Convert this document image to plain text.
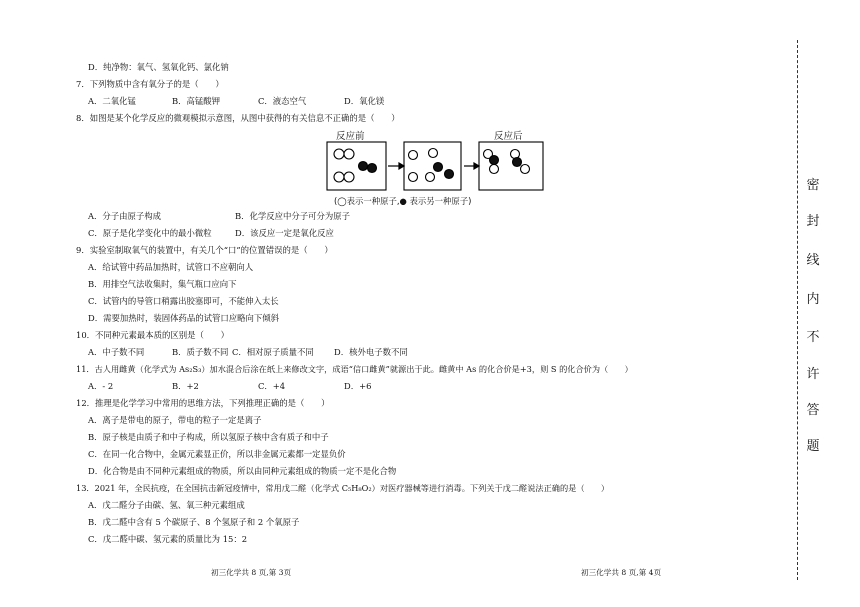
D．纯净物：氧气、氢氧化钙、氯化钠
7．下列物质中含有氧分子的是（　　）
A．二氧化锰	B．高锰酸钾	C．液态空气	D．氧化镁
8．如图是某个化学反应的微观模拟示意图，从图中获得的有关信息不正确的是（　　）
反应前	反应后
(◯表示一种原子,● 表示另一种原子)
A．分子由原子构成	B．化学反应中分子可分为原子
C．原子是化学变化中的最小微粒	D．该反应一定是氧化反应
9．实验室制取氧气的装置中，有关几个“口”的位置错误的是（　　）
A．给试管中药品加热时，试管口不应朝向人
B．用排空气法收集时，集气瓶口应向下
C．试管内的导管口稍露出胶塞即可，不能伸入太长
D．需要加热时，装固体药品的试管口应略向下倾斜
10．不同种元素最本质的区别是（　　）
A．中子数不同	B．质子数不同 C．相对原子质量不同 D．核外电子数不同
11．古人用雌黄（化学式为 As₂S₃）加水混合后涂在纸上来修改文字，成语“信口雌黄”就源出于此。雌黄中 As 的化合价是+3，则 S 的化合价为（　　）
A．- 2	B．+2	C．+4	D．+6
12．推理是化学学习中常用的思维方法，下列推理正确的是（　　）
A．离子是带电的原子，带电的粒子一定是离子
B．原子核是由质子和中子构成，所以氢原子核中含有质子和中子
C．在同一化合物中，金属元素显正价，所以非金属元素都一定显负价
D．化合物是由不同种元素组成的物质，所以由同种元素组成的物质一定不是化合物
13．2021 年，全民抗疫，在全国抗击新冠疫情中，常用戊二醛（化学式 C₅H₈O₂）对医疗器械等进行消毒。下列关于戊二醛说法正确的是（　　）
A．戊二醛分子由碳、氢、氧三种元素组成
B．戊二醛中含有 5 个碳原子、8 个氢原子和 2 个氧原子
C．戊二醛中碳、氢元素的质量比为 15：2
初三化学共 8 页,第 3页	初三化学共 8 页,第 4页
密
封
线
内
不
许
答
题
